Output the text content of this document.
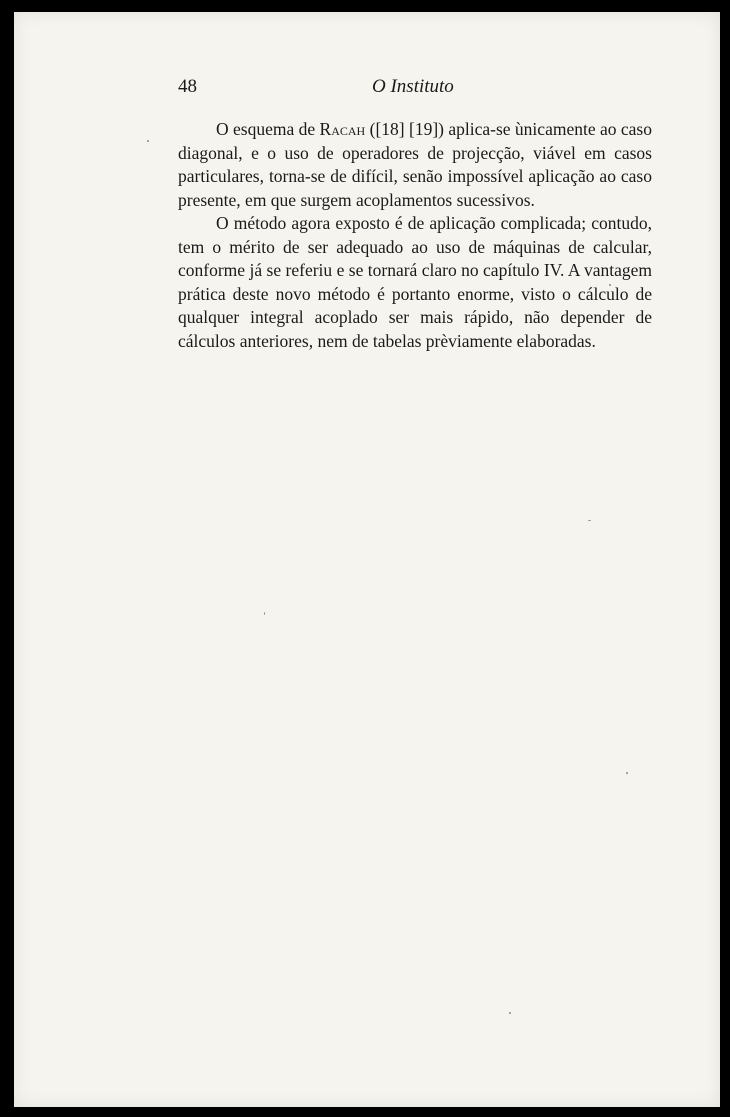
48	O Instituto

O esquema de Racah ([18] [19]) aplica-se ùnicamente ao caso diagonal, e o uso de operadores de projecção, viável em casos particulares, torna-se de difícil, senão impossível aplicação ao caso presente, em que surgem acoplamentos sucessivos.

O método agora exposto é de aplicação complicada; contudo, tem o mérito de ser adequado ao uso de máquinas de calcular, conforme já se referiu e se tornará claro no capítulo IV. A vantagem prática deste novo método é portanto enorme, visto o cálculo de qualquer integral acoplado ser mais rápido, não depender de cálculos anteriores, nem de tabelas prèviamente elaboradas.
